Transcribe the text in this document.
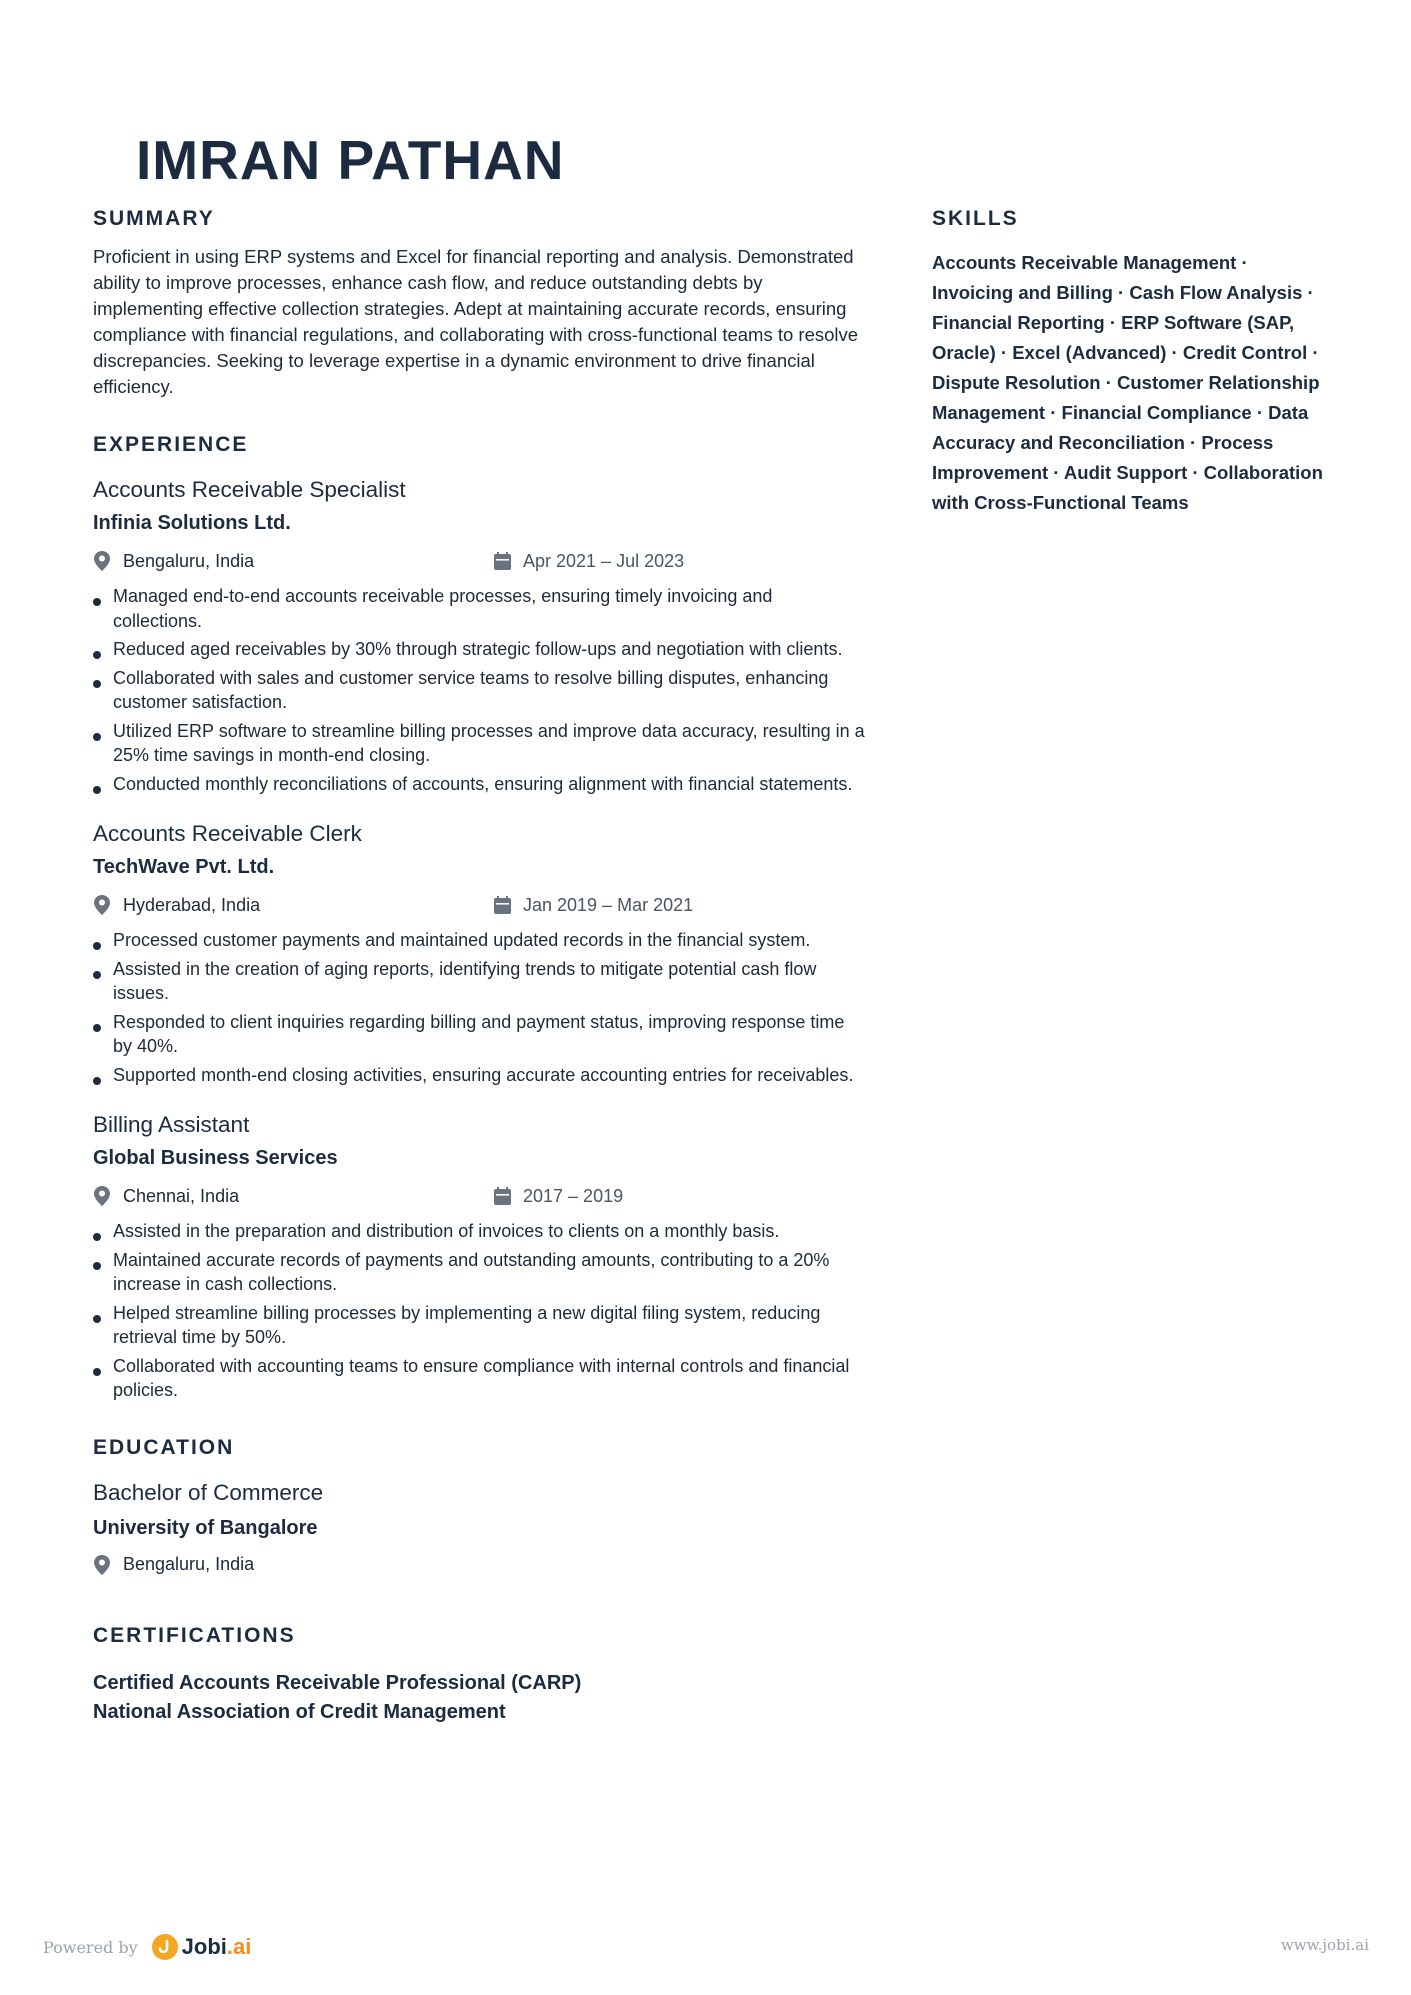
IMRAN PATHAN
SUMMARY

Proficient in using ERP systems and Excel for financial reporting and analysis. Demonstrated ability to improve processes, enhance cash flow, and reduce outstanding debts by implementing effective collection strategies. Adept at maintaining accurate records, ensuring compliance with financial regulations, and collaborating with cross-functional teams to resolve discrepancies. Seeking to leverage expertise in a dynamic environment to drive financial efficiency.

EXPERIENCE
Accounts Receivable Specialist
Infinia Solutions Ltd.
Bengaluru, India	Apr 2021 – Jul 2023
Managed end-to-end accounts receivable processes, ensuring timely invoicing and collections.
Reduced aged receivables by 30% through strategic follow-ups and negotiation with clients.
Collaborated with sales and customer service teams to resolve billing disputes, enhancing customer satisfaction.
Utilized ERP software to streamline billing processes and improve data accuracy, resulting in a 25% time savings in month-end closing.
Conducted monthly reconciliations of accounts, ensuring alignment with financial statements.
Accounts Receivable Clerk
TechWave Pvt. Ltd.
Hyderabad, India	Jan 2019 – Mar 2021
Processed customer payments and maintained updated records in the financial system.
Assisted in the creation of aging reports, identifying trends to mitigate potential cash flow issues.
Responded to client inquiries regarding billing and payment status, improving response time by 40%.
Supported month-end closing activities, ensuring accurate accounting entries for receivables.
Billing Assistant
Global Business Services
Chennai, India	2017 – 2019
Assisted in the preparation and distribution of invoices to clients on a monthly basis.
Maintained accurate records of payments and outstanding amounts, contributing to a 20% increase in cash collections.
Helped streamline billing processes by implementing a new digital filing system, reducing retrieval time by 50%.
Collaborated with accounting teams to ensure compliance with internal controls and financial policies.
EDUCATION
Bachelor of Commerce
University of Bangalore
Bengaluru, India
CERTIFICATIONS
Certified Accounts Receivable Professional (CARP)
National Association of Credit Management
SKILLS

Accounts Receivable Management · Invoicing and Billing · Cash Flow Analysis · Financial Reporting · ERP Software (SAP, Oracle) · Excel (Advanced) · Credit Control · Dispute Resolution · Customer Relationship Management · Financial Compliance · Data Accuracy and Reconciliation · Process Improvement · Audit Support · Collaboration with Cross-Functional Teams

Powered by Jobi.ai	www.jobi.ai
